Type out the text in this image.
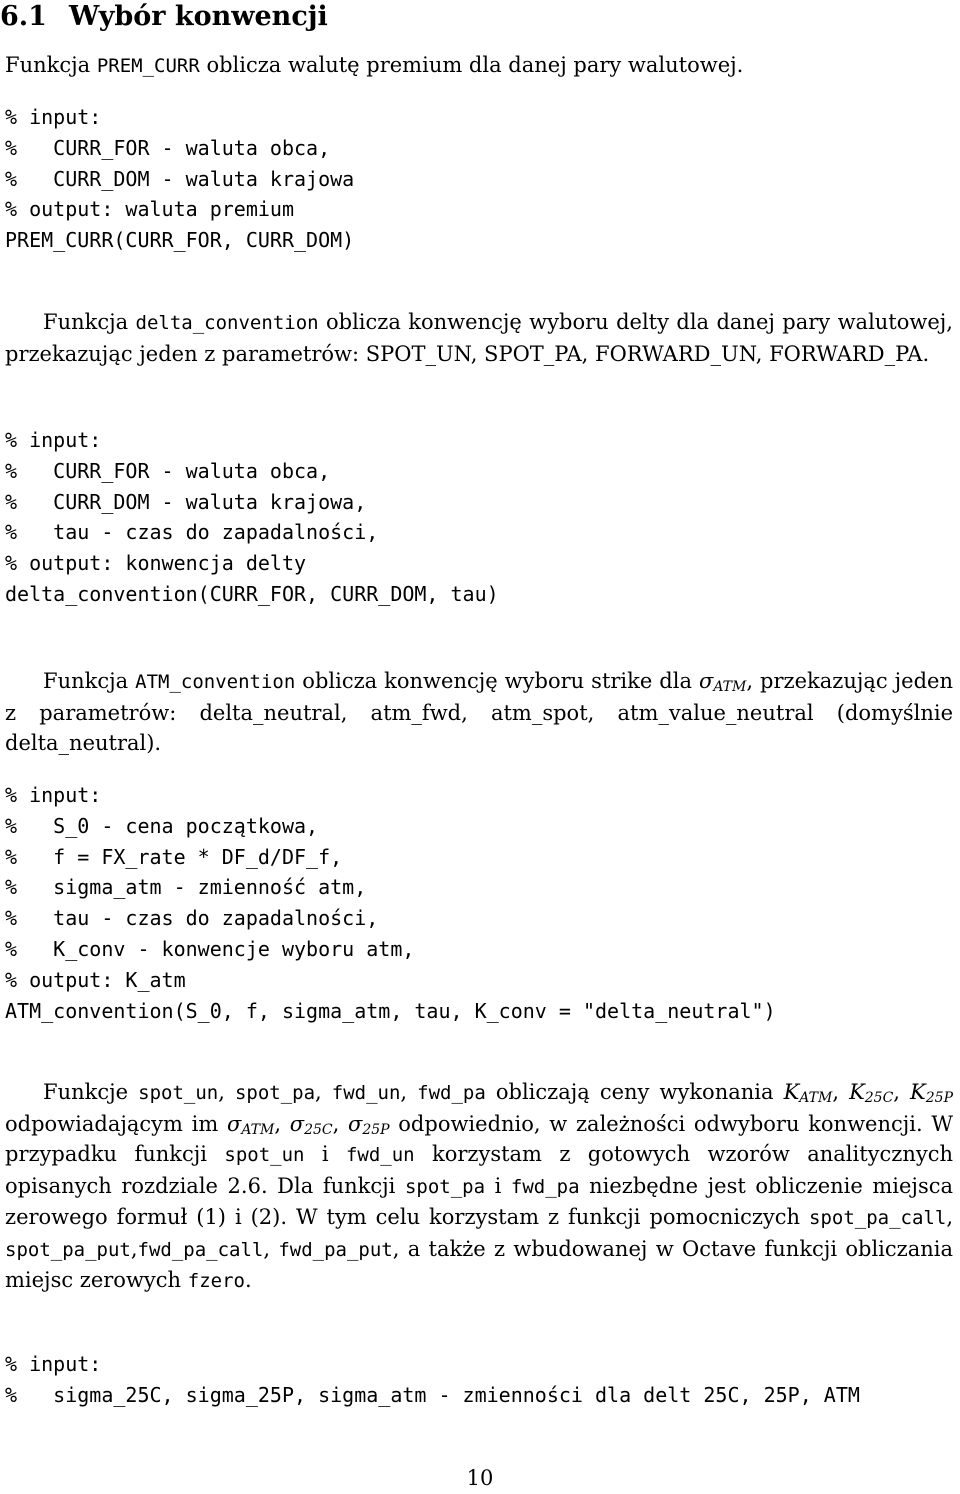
6.1 Wybór konwencji

Funkcja PREM_CURR oblicza walutę premium dla danej pary walutowej.

% input:
%   CURR_FOR - waluta obca,
%   CURR_DOM - waluta krajowa
% output: waluta premium
PREM_CURR(CURR_FOR, CURR_DOM)

Funkcja delta_convention oblicza konwencję wyboru delty dla danej pary walutowej, przekazując jeden z parametrów: SPOT_UN, SPOT_PA, FORWARD_UN, FORWARD_PA.

% input:
%   CURR_FOR - waluta obca,
%   CURR_DOM - waluta krajowa,
%   tau - czas do zapadalności,
% output: konwencja delty
delta_convention(CURR_FOR, CURR_DOM, tau)

Funkcja ATM_convention oblicza konwencję wyboru strike dla $\sigma_{ATM}$, przekazując jeden z parametrów: delta_neutral, atm_fwd, atm_spot, atm_value_neutral (domyślnie delta_neutral).

% input:
%   S_0 - cena początkowa,
%   f = FX_rate * DF_d/DF_f,
%   sigma_atm - zmienność atm,
%   tau - czas do zapadalności,
%   K_conv - konwencje wyboru atm,
% output: K_atm
ATM_convention(S_0, f, sigma_atm, tau, K_conv = "delta_neutral")

Funkcje spot_un, spot_pa, fwd_un, fwd_pa obliczają ceny wykonania $K_{ATM}$, $K_{25C}$, $K_{25P}$ odpowiadającym im $\sigma_{ATM}$, $\sigma_{25C}$, $\sigma_{25P}$ odpowiednio, w zależności odwyboru konwencji. W przypadku funkcji spot_un i fwd_un korzystam z gotowych wzorów analitycznych opisanych rozdziale 2.6. Dla funkcji spot_pa i fwd_pa niezbędne jest obliczenie miejsca zerowego formuł (1) i (2). W tym celu korzystam z funkcji pomocniczych spot_pa_call, spot_pa_put,fwd_pa_call, fwd_pa_put, a także z wbudowanej w Octave funkcji obliczania miejsc zerowych fzero.

% input:
%   sigma_25C, sigma_25P, sigma_atm - zmienności dla delt 25C, 25P, ATM
10
